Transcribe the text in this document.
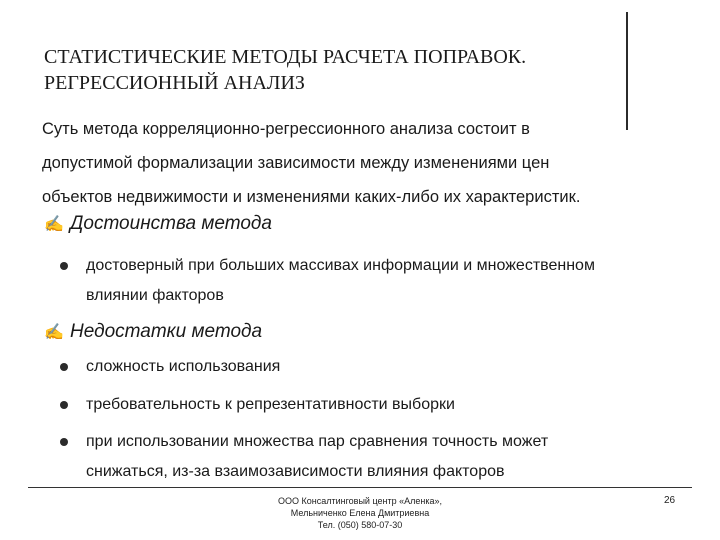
СТАТИСТИЧЕСКИЕ МЕТОДЫ РАСЧЕТА ПОПРАВОК.
РЕГРЕССИОННЫЙ АНАЛИЗ
Суть метода корреляционно-регрессионного анализа состоит в
допустимой формализации зависимости между изменениями цен
объектов недвижимости и изменениями каких-либо их характеристик.
✍ Достоинства метода
достоверный при больших массивах информации и множественном
влиянии факторов
✍ Недостатки метода
сложность использования
требовательность к репрезентативности выборки
при использовании множества пар сравнения точность может
снижаться, из-за взаимозависимости влияния факторов
ООО Консалтинговый центр «Аленка»,
Мельниченко Елена Дмитриевна
Тел. (050) 580-07-30
26
